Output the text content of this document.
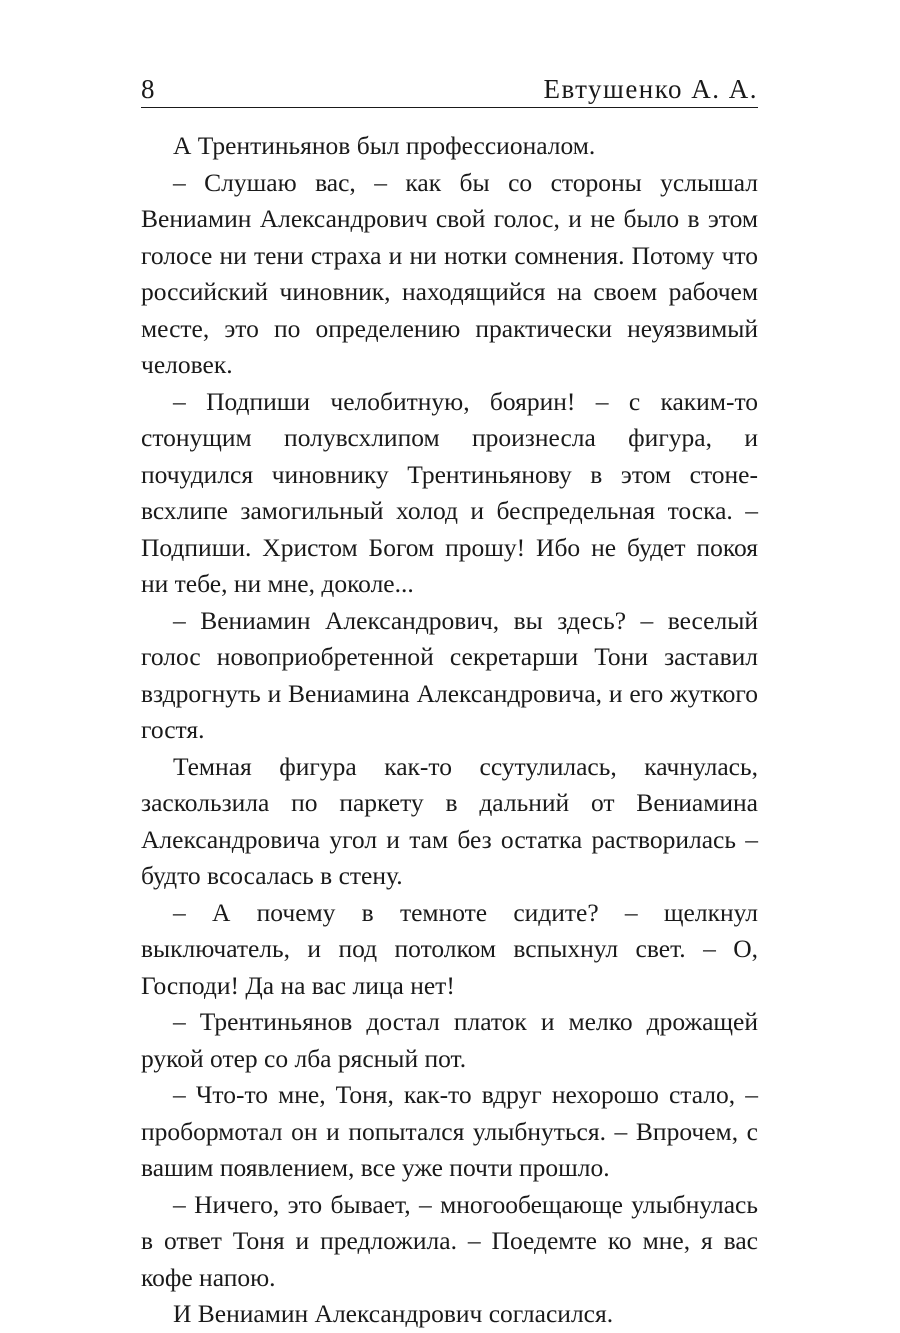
8	Евтушенко А. А.

А Трентиньянов был профессионалом.

– Слушаю вас, – как бы со стороны услышал Вениамин Александрович свой голос, и не было в этом голосе ни тени страха и ни нотки сомнения. Потому что российский чиновник, находящийся на своем рабочем месте, это по определению практически неуязвимый человек.

– Подпиши челобитную, боярин! – с каким-то стонущим полувсхлипом произнесла фигура, и почудился чиновнику Трентиньянову в этом стоне-всхлипе замогильный холод и беспредельная тоска. – Подпиши. Христом Богом прошу! Ибо не будет покоя ни тебе, ни мне, доколе...

– Вениамин Александрович, вы здесь? – веселый голос новоприобретенной секретарши Тони заставил вздрогнуть и Вениамина Александровича, и его жуткого гостя.

Темная фигура как-то ссутулилась, качнулась, заскользила по паркету в дальний от Вениамина Александровича угол и там без остатка растворилась – будто всосалась в стену.

– А почему в темноте сидите? – щелкнул выключатель, и под потолком вспыхнул свет. – О, Господи! Да на вас лица нет!

– Трентиньянов достал платок и мелко дрожащей рукой отер со лба рясный пот.

– Что-то мне, Тоня, как-то вдруг нехорошо стало, – пробормотал он и попытался улыбнуться. – Впрочем, с вашим появлением, все уже почти прошло.

– Ничего, это бывает, – многообещающе улыбнулась в ответ Тоня и предложила. – Поедемте ко мне, я вас кофе напою.

И Вениамин Александрович согласился.
